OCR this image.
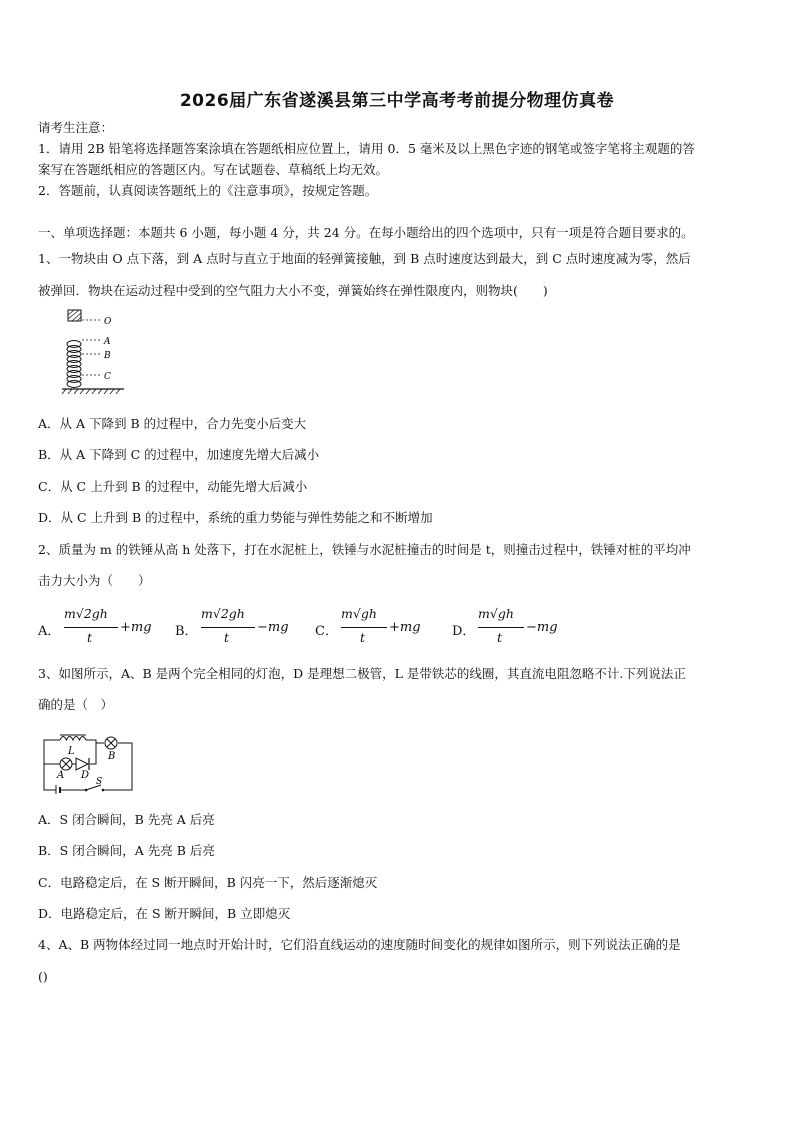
2026届广东省遂溪县第三中学高考考前提分物理仿真卷
请考生注意：
1．请用 2B 铅笔将选择题答案涂填在答题纸相应位置上，请用 0．5 毫米及以上黑色字迹的钢笔或签字笔将主观题的答
案写在答题纸相应的答题区内。写在试题卷、草稿纸上均无效。
2．答题前，认真阅读答题纸上的《注意事项》，按规定答题。
一、单项选择题：本题共 6 小题，每小题 4 分，共 24 分。在每小题给出的四个选项中，只有一项是符合题目要求的。
1、一物块由 O 点下落，到 A 点时与直立于地面的轻弹簧接触，到 B 点时速度达到最大，到 C 点时速度减为零，然后
被弹回．物块在运动过程中受到的空气阻力大小不变，弹簧始终在弹性限度内，则物块(　　)
O
A
B
C
A．从 A 下降到 B 的过程中，合力先变小后变大
B．从 A 下降到 C 的过程中，加速度先增大后减小
C．从 C 上升到 B 的过程中，动能先增大后减小
D．从 C 上升到 B 的过程中，系统的重力势能与弹性势能之和不断增加
2、质量为 m 的铁锤从高 h 处落下，打在水泥桩上，铁锤与水泥桩撞击的时间是 t，则撞击过程中，铁锤对桩的平均冲
击力大小为（　　）
A．
m√2gh
t
+mg B．
m√2gh
t
−mg C．
m√gh
t
+mg D．
m√gh
t
−mg
3、如图所示，A、B 是两个完全相同的灯泡，D 是理想二极管，L 是带铁芯的线圈，其直流电阻忽略不计.下列说法正
确的是（　）
L
A D
B
S
A．S 闭合瞬间，B 先亮 A 后亮
B．S 闭合瞬间，A 先亮 B 后亮
C．电路稳定后，在 S 断开瞬间，B 闪亮一下，然后逐渐熄灭
D．电路稳定后，在 S 断开瞬间，B 立即熄灭
4、A、B 两物体经过同一地点时开始计时，它们沿直线运动的速度随时间变化的规律如图所示，则下列说法正确的是
()
